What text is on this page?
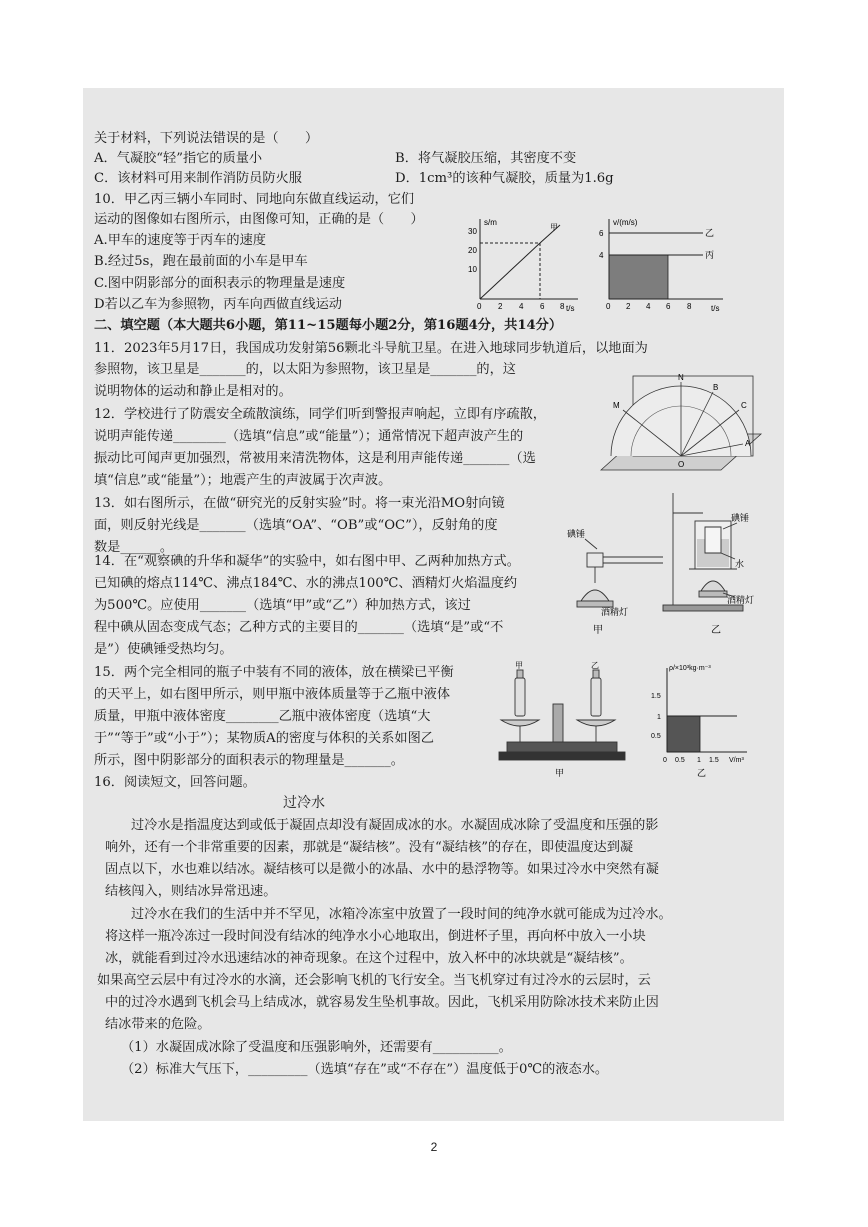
关于材料，下列说法错误的是（　　）
A．气凝胶“轻”指它的质量小	B．将气凝胶压缩，其密度不变
C．该材料可用来制作消防员防火服	D．1cm³的该种气凝胶，质量为1.6g
10．甲乙丙三辆小车同时、同地向东做直线运动，它们
运动的图像如右图所示，由图像可知，正确的是（　　）
A.甲车的速度等于丙车的速度
B.经过5s，跑在最前面的小车是甲车
C.图中阴影部分的面积表示的物理量是速度
D若以乙车为参照物，丙车向西做直线运动
s/m
t/s
30
20
10
0 2 4 6 8
甲
v/(m/s)
t/s
6
4
0 2 4 6 8
乙
丙
二、填空题（本大题共6小题，第11~15题每小题2分，第16题4分，共14分）
11．2023年5月17日，我国成功发射第56颗北斗导航卫星。在进入地球同步轨道后，以地面为
参照物，该卫星是_______的，以太阳为参照物，该卫星是_______的，这
说明物体的运动和静止是相对的。
M
N
C
B
A
O
12．学校进行了防震安全疏散演练，同学们听到警报声响起，立即有序疏散，
说明声能传递________（选填“信息”或“能量”）；通常情况下超声波产生的
振动比可闻声更加强烈，常被用来清洗物体，这是利用声能传递_______（选
填“信息”或“能量”）；地震产生的声波属于次声波。
13．如右图所示，在做“研究光的反射实验”时。将一束光沿MO射向镜
面，则反射光线是_______（选填“OA”、“OB”或“OC”），反射角的度
数是______。
碘锤
酒精灯
甲
碘锤
水
酒精灯
乙
14．在“观察碘的升华和凝华”的实验中，如右图中甲、乙两种加热方式。
已知碘的熔点114℃、沸点184℃、水的沸点100℃、酒精灯火焰温度约
为500℃。应使用_______（选填“甲”或“乙”）种加热方式，该过
程中碘从固态变成气态；乙种方式的主要目的_______（选填“是”或“不
是”）使碘锤受热均匀。
15．两个完全相同的瓶子中装有不同的液体，放在横梁已平衡
的天平上，如右图甲所示，则甲瓶中液体质量等于乙瓶中液体
质量，甲瓶中液体密度________乙瓶中液体密度（选填“大
于”“等于”或“小于”）；某物质A的密度与体积的关系如图乙
所示，图中阴影部分的面积表示的物理量是_______。
甲	乙
甲
ρ/×10³kg·m⁻³
1.5
1
0.5
0 0.5 1 1.5 V/m³
乙
16．阅读短文，回答问题。
过冷水
过冷水是指温度达到或低于凝固点却没有凝固成冰的水。水凝固成冰除了受温度和压强的影
响外，还有一个非常重要的因素，那就是“凝结核”。没有“凝结核”的存在，即使温度达到凝
固点以下，水也难以结冰。凝结核可以是微小的冰晶、水中的悬浮物等。如果过冷水中突然有凝
结核闯入，则结冰异常迅速。
过冷水在我们的生活中并不罕见，冰箱冷冻室中放置了一段时间的纯净水就可能成为过冷水。
将这样一瓶冷冻过一段时间没有结冰的纯净水小心地取出，倒进杯子里，再向杯中放入一小块
冰，就能看到过冷水迅速结冰的神奇现象。在这个过程中，放入杯中的冰块就是“凝结核”。
如果高空云层中有过冷水的水滴，还会影响飞机的飞行安全。当飞机穿过有过冷水的云层时，云
中的过冷水遇到飞机会马上结成冰，就容易发生坠机事故。因此，飞机采用防除冰技术来防止因
结冰带来的危险。
（1）水凝固成冰除了受温度和压强影响外，还需要有__________。
（2）标准大气压下，_________（选填“存在”或“不存在”）温度低于0℃的液态水。
2
